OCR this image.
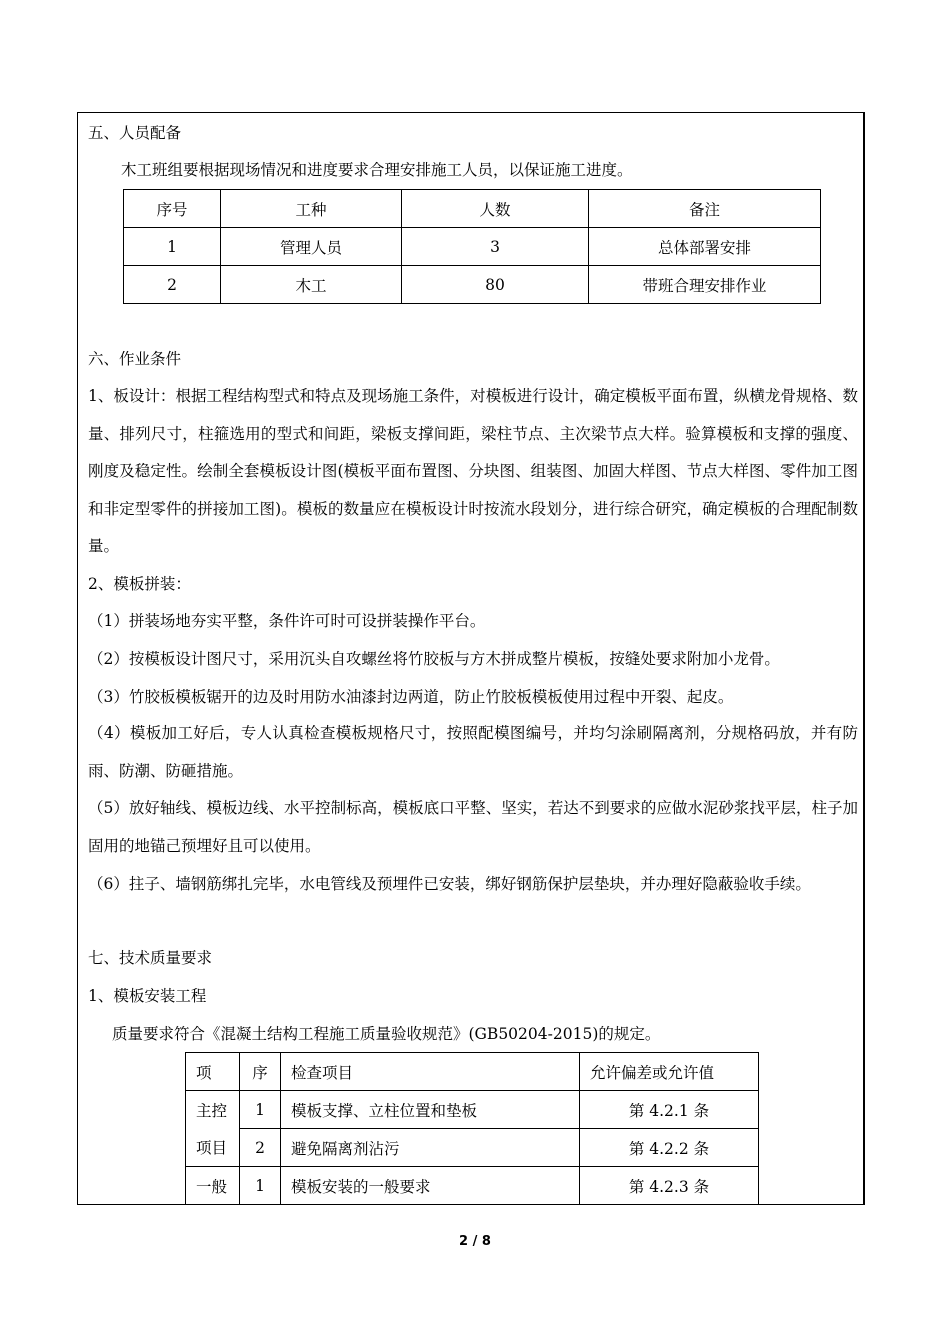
五、人员配备
木工班组要根据现场情况和进度要求合理安排施工人员，以保证施工进度。
序号	工种	人数	备注
1	管理人员	3	总体部署安排
2	木工	80	带班合理安排作业
六、作业条件
1、板设计：根据工程结构型式和特点及现场施工条件，对模板进行设计，确定模板平面布置，纵横龙骨规格、数量、排列尺寸，柱箍选用的型式和间距，梁板支撑间距，梁柱节点、主次梁节点大样。验算模板和支撑的强度、刚度及稳定性。绘制全套模板设计图(模板平面布置图、分块图、组装图、加固大样图、节点大样图、零件加工图和非定型零件的拼接加工图)。模板的数量应在模板设计时按流水段划分，进行综合研究，确定模板的合理配制数量。
2、模板拼装：
（1）拼装场地夯实平整，条件许可时可设拼装操作平台。
（2）按模板设计图尺寸，采用沉头自攻螺丝将竹胶板与方木拼成整片模板，按缝处要求附加小龙骨。
（3）竹胶板模板锯开的边及时用防水油漆封边两道，防止竹胶板模板使用过程中开裂、起皮。
（4）模板加工好后，专人认真检查模板规格尺寸，按照配模图编号，并均匀涂刷隔离剂，分规格码放，并有防雨、防潮、防砸措施。
（5）放好轴线、模板边线、水平控制标高，模板底口平整、坚实，若达不到要求的应做水泥砂浆找平层，柱子加固用的地锚己预埋好且可以使用。
（6）拄子、墙钢筋绑扎完毕，水电管线及预埋件已安装，绑好钢筋保护层垫块，并办理好隐蔽验收手续。
七、技术质量要求
1、模板安装工程
质量要求符合《混凝土结构工程施工质量验收规范》(GB50204-2015)的规定。
项	序	检查项目	允许偏差或允许值
主控	1	模板支撑、立柱位置和垫板	第 4.2.1 条
项目	2	避免隔离剂沾污	第 4.2.2 条
一般	1	模板安装的一般要求	第 4.2.3 条
2 / 8
